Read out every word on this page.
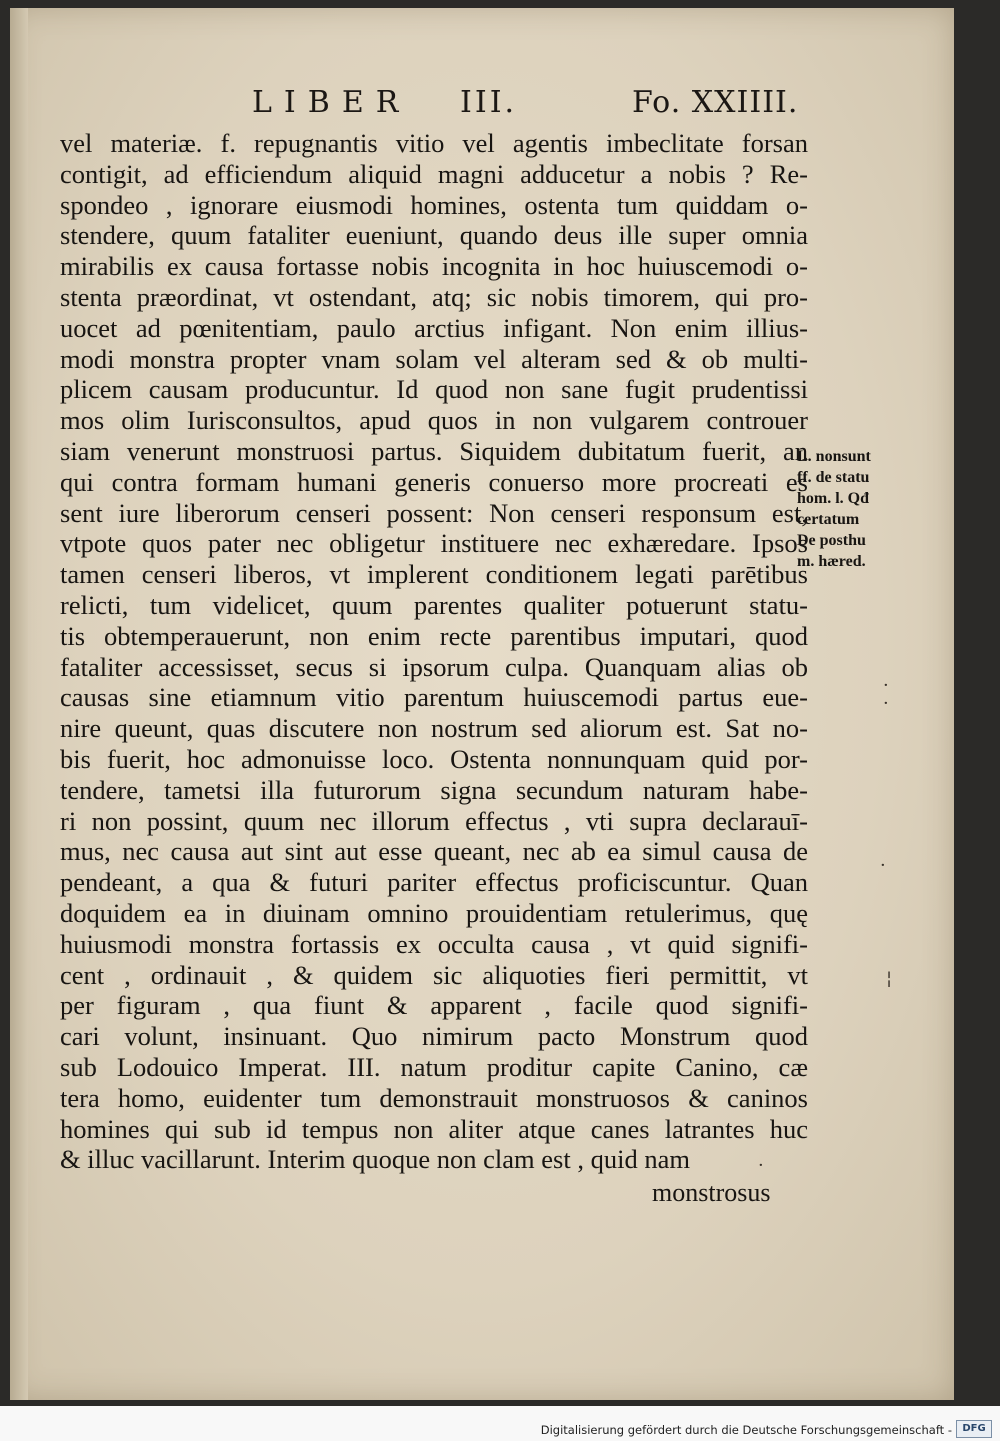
LIBER III.	Fo. XXIIII.
vel materiæ. f. repugnantis vitio vel agentis imbeclitate forsan
contigit, ad efficiendum aliquid magni adducetur a nobis ? Re-
spondeo , ignorare eiusmodi homines, ostenta tum quiddam o-
stendere, quum fataliter eueniunt, quando deus ille super omnia
mirabilis ex causa fortasse nobis incognita in hoc huiuscemodi o-
stenta præordinat, vt ostendant, atq; sic nobis timorem, qui pro-
uocet ad pœnitentiam, paulo arctius infigant. Non enim illius-
modi monstra propter vnam solam vel alteram sed & ob multi-
plicem causam producuntur. Id quod non sane fugit prudentissi
mos olim Iurisconsultos, apud quos in non vulgarem controuer
siam venerunt monstruosi partus. Siquidem dubitatum fuerit, an
qui contra formam humani generis conuerso more procreati es
sent iure liberorum censeri possent: Non censeri responsum est,
vtpote quos pater nec obligetur instituere nec exhæredare. Ipsos
tamen censeri liberos, vt implerent conditionem legati parētibus
relicti, tum videlicet, quum parentes qualiter potuerunt statu-
tis obtemperauerunt, non enim recte parentibus imputari, quod
fataliter accessisset, secus si ipsorum culpa. Quanquam alias ob
causas sine etiamnum vitio parentum huiuscemodi partus eue-
nire queunt, quas discutere non nostrum sed aliorum est. Sat no-
bis fuerit, hoc admonuisse loco. Ostenta nonnunquam quid por-
tendere, tametsi illa futurorum signa secundum naturam habe-
ri non possint, quum nec illorum effectus , vti supra declarauī-
mus, nec causa aut sint aut esse queant, nec ab ea simul causa de
pendeant, a qua & futuri pariter effectus proficiscuntur. Quan
doquidem ea in diuinam omnino prouidentiam retulerimus, quę
huiusmodi monstra fortassis ex occulta causa , vt quid signifi-
cent , ordinauit , & quidem sic aliquoties fieri permittit, vt
per figuram , qua fiunt & apparent , facile quod signifi-
cari volunt, insinuant. Quo nimirum pacto Monstrum quod
sub Lodouico Imperat. III. natum proditur capite Canino, cæ
tera homo, euidenter tum demonstrauit monstruosos & caninos
homines qui sub id tempus non aliter atque canes latrantes huc
& illuc vacillarunt. Interim quoque non clam est , quid nam
L. nonsunt
ff. de statu
hom. l. Qđ
certatum
De posthu
m. hæred.
·
·
·
¦
·
monstrosus
Digitalisierung gefördert durch die Deutsche Forschungsgemeinschaft -	DFG
